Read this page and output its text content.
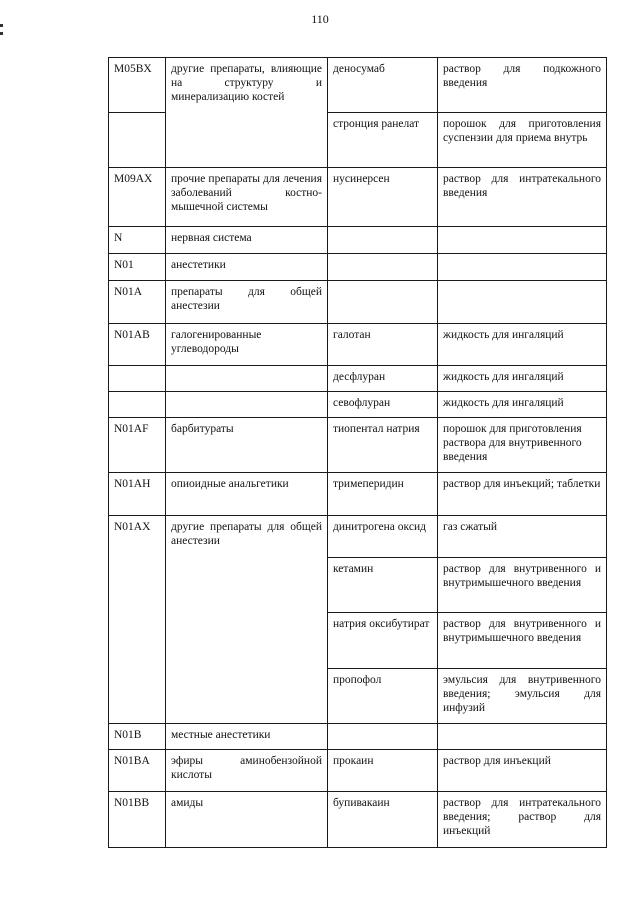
110
M05BX	другие препараты, влияющие на структуру и минерализацию костей	деносумаб	раствор для подкожного введения
		стронция ранелат	порошок для приготовления суспензии для приема внутрь
M09AX	прочие препараты для лечения заболеваний костно-мышечной системы	нусинерсен	раствор для интратекального введения
N	нервная система		
N01	анестетики		
N01A	препараты для общей анестезии		
N01AB	галогенированные углеводороды	галотан	жидкость для ингаляций
		десфлуран	жидкость для ингаляций
		севофлуран	жидкость для ингаляций
N01AF	барбитураты	тиопентал натрия	порошок для приготовления раствора для внутривенного введения
N01AH	опиоидные анальгетики	тримеперидин	раствор для инъекций; таблетки
N01AX	другие препараты для общей анестезии	динитрогена оксид	газ сжатый
		кетамин	раствор для внутривенного и внутримышечного введения
		натрия оксибутират	раствор для внутривенного и внутримышечного введения
		пропофол	эмульсия для внутривенного введения; эмульсия для инфузий
N01B	местные анестетики		
N01BA	эфиры аминобензойной кислоты	прокаин	раствор для инъекций
N01BB	амиды	бупивакаин	раствор для интратекального введения; раствор для инъекций
